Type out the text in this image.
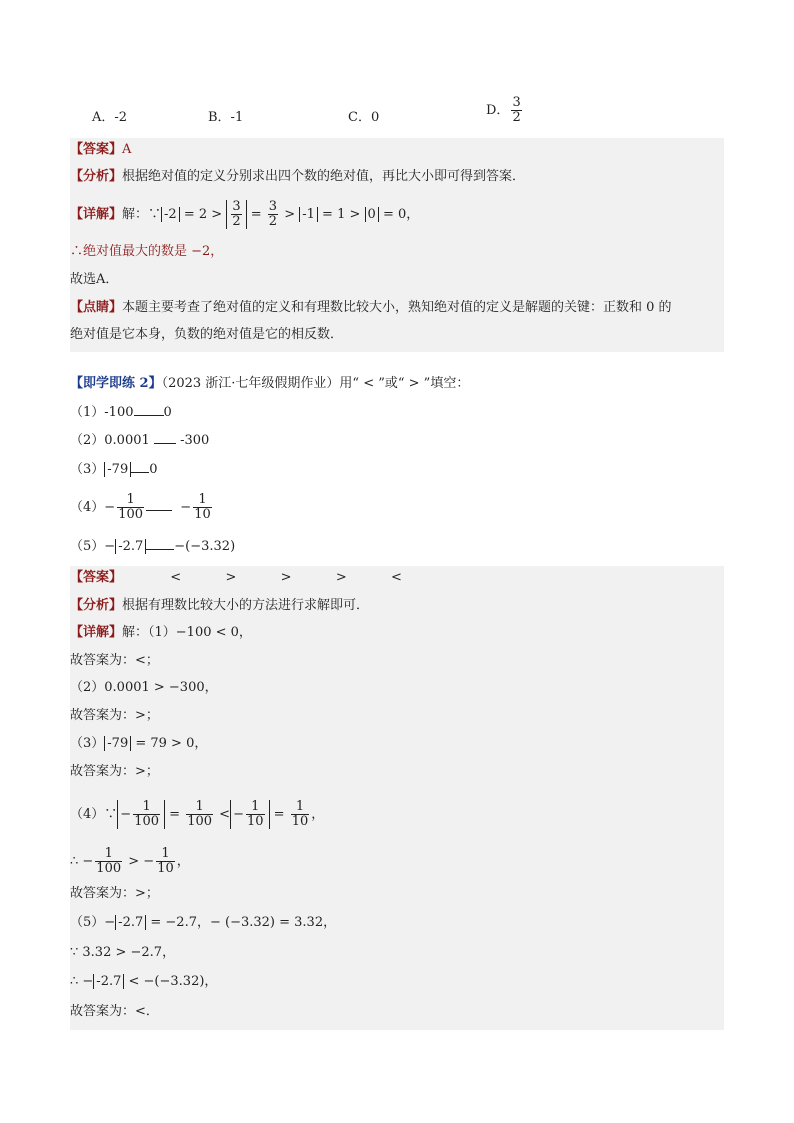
A．-2	B．-1	C．0	D． $\frac{3}{2}$
【答案】A
【分析】根据绝对值的定义分别求出四个数的绝对值，再比大小即可得到答案．
【详解】解：∵ $-2 = 2 > \frac{3}{2} = \frac{3}{2} > -1 = 1 > 0 = 0$，
∴绝对值最大的数是 −2，
故选A．
【点睛】本题主要考查了绝对值的定义和有理数比较大小，熟知绝对值的定义是解题的关键：正数和 0 的
绝对值是它本身，负数的绝对值是它的相反数．
【即学即练 2】（2023 浙江·七年级假期作业）用“ < ”或“ > ”填空：
（1）-100 0
（2）0.0001 -300
（3） -79 0
$(4)- \frac{1}{100}$	− $\frac{1}{10}$
（5）− -2.7 −(−3.32)
【答案】	<	>	>	>	<
【分析】根据有理数比较大小的方法进行求解即可．
【详解】解：（1）−100 < 0，
故答案为：<；
（2）0.0001 > −300，
故答案为：>；
（3） -79 = 79 > 0，
故答案为：>；
（4）∵ − $\frac{1}{100} = \frac{1}{100}$ < − $\frac{1}{10} = \frac{1}{10}$ ，
∴ − $\frac{1}{100}$ > − $\frac{1}{10}$ ，
故答案为：>；
（5）− -2.7 = −2.7，− (−3.32) = 3.32，
∵ 3.32 > −2.7，
∴ − -2.7 < −(−3.32)，
故答案为：<．
